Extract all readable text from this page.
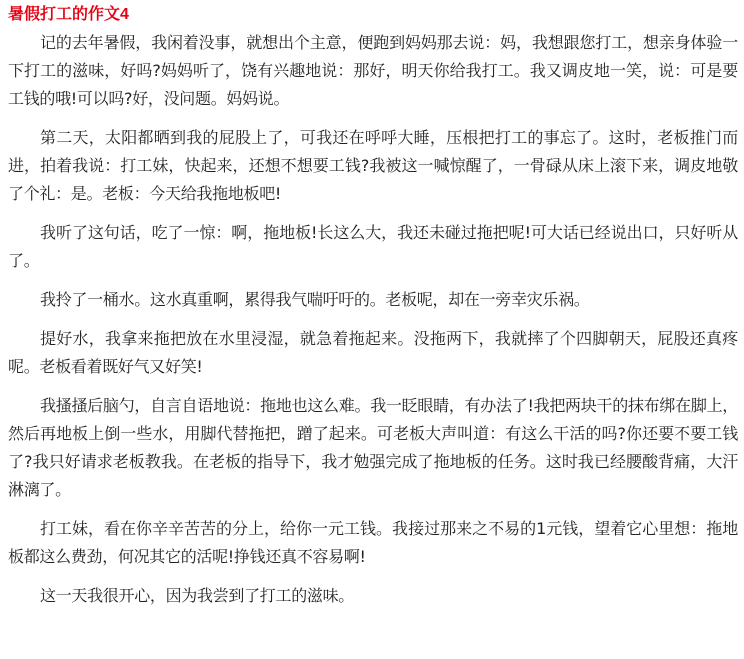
暑假打工的作文4

记的去年暑假，我闲着没事，就想出个主意，便跑到妈妈那去说：妈，我想跟您打工，想亲身体验一下打工的滋味，好吗?妈妈听了，饶有兴趣地说：那好，明天你给我打工。我又调皮地一笑，说：可是要工钱的哦!可以吗?好，没问题。妈妈说。

第二天，太阳都晒到我的屁股上了，可我还在呼呼大睡，压根把打工的事忘了。这时，老板推门而进，拍着我说：打工妹，快起来，还想不想要工钱?我被这一喊惊醒了，一骨碌从床上滚下来，调皮地敬了个礼：是。老板：今天给我拖地板吧!

我听了这句话，吃了一惊：啊，拖地板!长这么大，我还未碰过拖把呢!可大话已经说出口，只好听从了。

我拎了一桶水。这水真重啊，累得我气喘吁吁的。老板呢，却在一旁幸灾乐祸。

提好水，我拿来拖把放在水里浸湿，就急着拖起来。没拖两下，我就摔了个四脚朝天，屁股还真疼呢。老板看着既好气又好笑!

我搔搔后脑勺，自言自语地说：拖地也这么难。我一眨眼睛，有办法了!我把两块干的抹布绑在脚上，然后再地板上倒一些水，用脚代替拖把，蹭了起来。可老板大声叫道：有这么干活的吗?你还要不要工钱了?我只好请求老板教我。在老板的指导下，我才勉强完成了拖地板的任务。这时我已经腰酸背痛，大汗淋漓了。

打工妹，看在你辛辛苦苦的分上，给你一元工钱。我接过那来之不易的1元钱，望着它心里想：拖地板都这么费劲，何况其它的活呢!挣钱还真不容易啊!

这一天我很开心，因为我尝到了打工的滋味。
